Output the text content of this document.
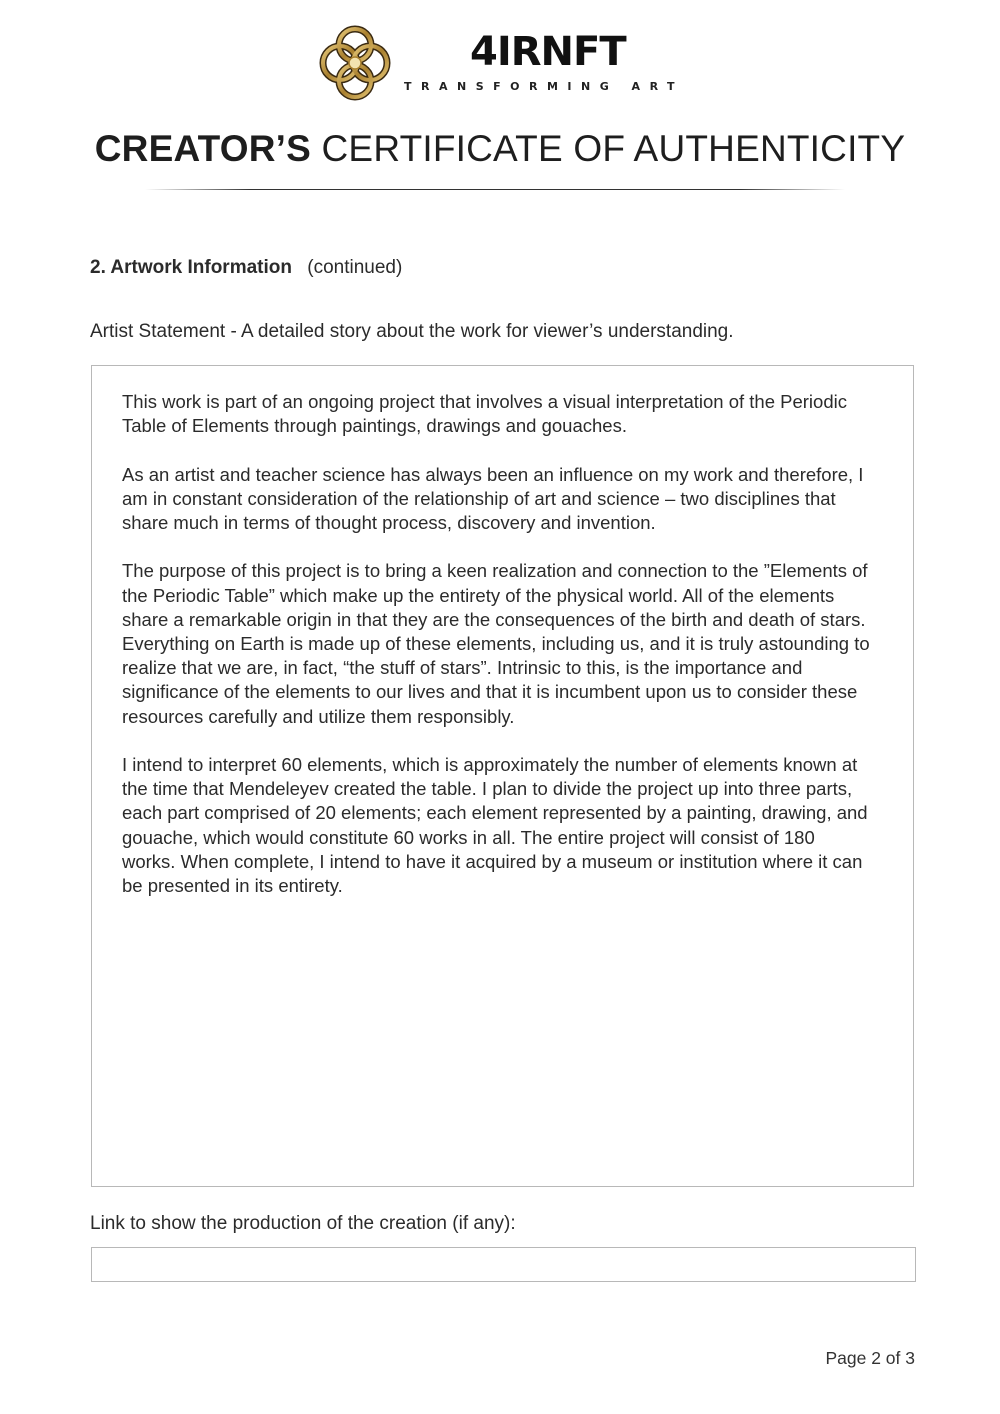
4IRNFT
TRANSFORMING ART
CREATOR’S CERTIFICATE OF AUTHENTICITY
2. Artwork Information (continued)
Artist Statement - A detailed story about the work for viewer’s understanding.

This work is part of an ongoing project that involves a visual interpretation of the Periodic Table of Elements through paintings, drawings and gouaches.

As an artist and teacher science has always been an influence on my work and therefore, I am in constant consideration of the relationship of art and science – two disciplines that share much in terms of thought process, discovery and invention.

The purpose of this project is to bring a keen realization and connection to the ”Elements of the Periodic Table” which make up the entirety of the physical world. All of the elements share a remarkable origin in that they are the consequences of the birth and death of stars. Everything on Earth is made up of these elements, including us, and it is truly astounding to realize that we are, in fact, “the stuff of stars”. Intrinsic to this, is the importance and significance of the elements to our lives and that it is incumbent upon us to consider these resources carefully and utilize them responsibly.

I intend to interpret 60 elements, which is approximately the number of elements known at the time that Mendeleyev created the table. I plan to divide the project up into three parts, each part comprised of 20 elements; each element represented by a painting, drawing, and gouache, which would constitute 60 works in all. The entire project will consist of 180 works. When complete, I intend to have it acquired by a museum or institution where it can be presented in its entirety.

Link to show the production of the creation (if any):
Page 2 of 3
